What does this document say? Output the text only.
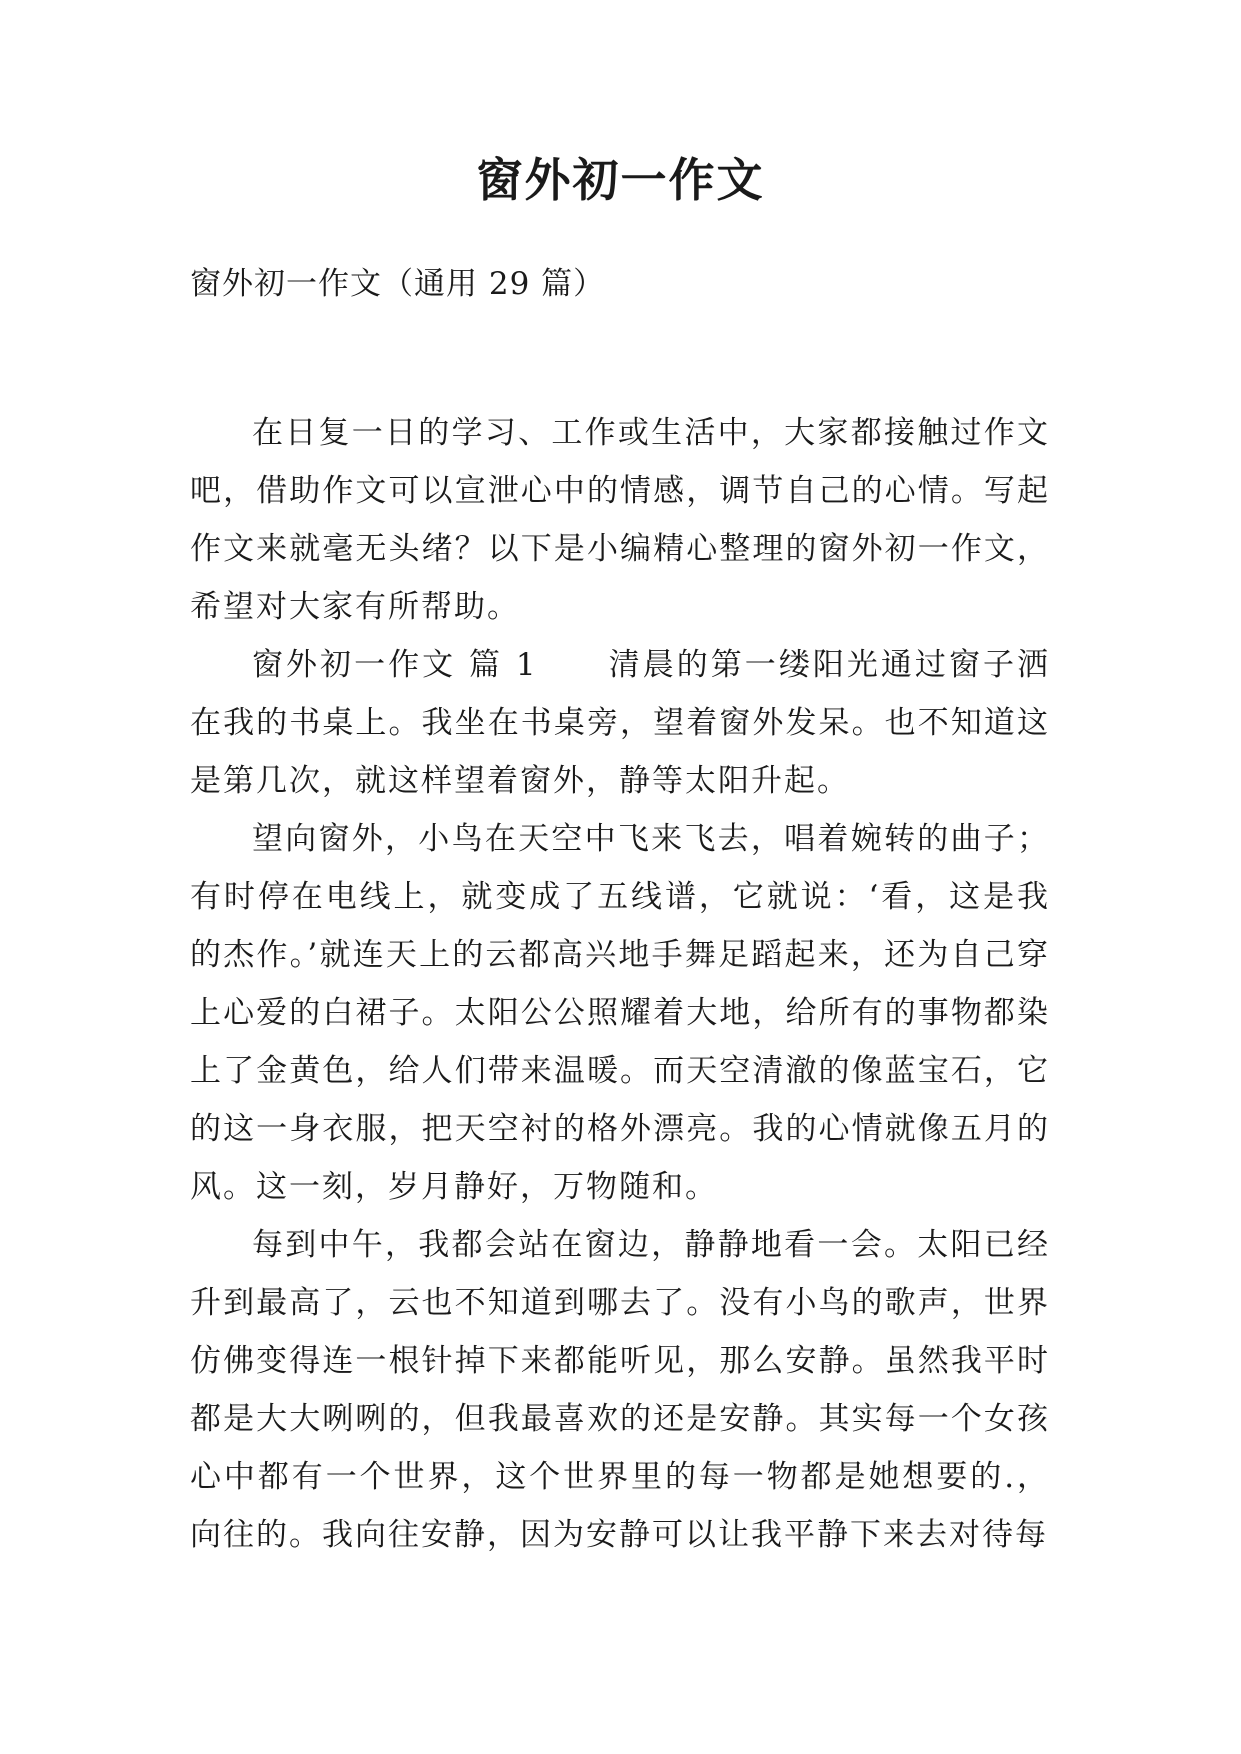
窗外初一作文
窗外初一作文（通用 29 篇）

在日复一日的学习、工作或生活中，大家都接触过作文吧，借助作文可以宣泄心中的情感，调节自己的心情。写起作文来就毫无头绪？以下是小编精心整理的窗外初一作文，希望对大家有所帮助。

窗外初一作文 篇 1 清晨的第一缕阳光通过窗子洒在我的书桌上。我坐在书桌旁，望着窗外发呆。也不知道这是第几次，就这样望着窗外，静等太阳升起。

望向窗外，小鸟在天空中飞来飞去，唱着婉转的曲子；有时停在电线上，就变成了五线谱，它就说：‘看，这是我的杰作。’就连天上的云都高兴地手舞足蹈起来，还为自己穿上心爱的白裙子。太阳公公照耀着大地，给所有的事物都染上了金黄色，给人们带来温暖。而天空清澈的像蓝宝石，它的这一身衣服，把天空衬的格外漂亮。我的心情就像五月的风。这一刻，岁月静好，万物随和。

每到中午，我都会站在窗边，静静地看一会。太阳已经升到最高了，云也不知道到哪去了。没有小鸟的歌声，世界仿佛变得连一根针掉下来都能听见，那么安静。虽然我平时都是大大咧咧的，但我最喜欢的还是安静。其实每一个女孩心中都有一个世界，这个世界里的每一物都是她想要的.，向往的。我向往安静，因为安静可以让我平静下来去对待每
